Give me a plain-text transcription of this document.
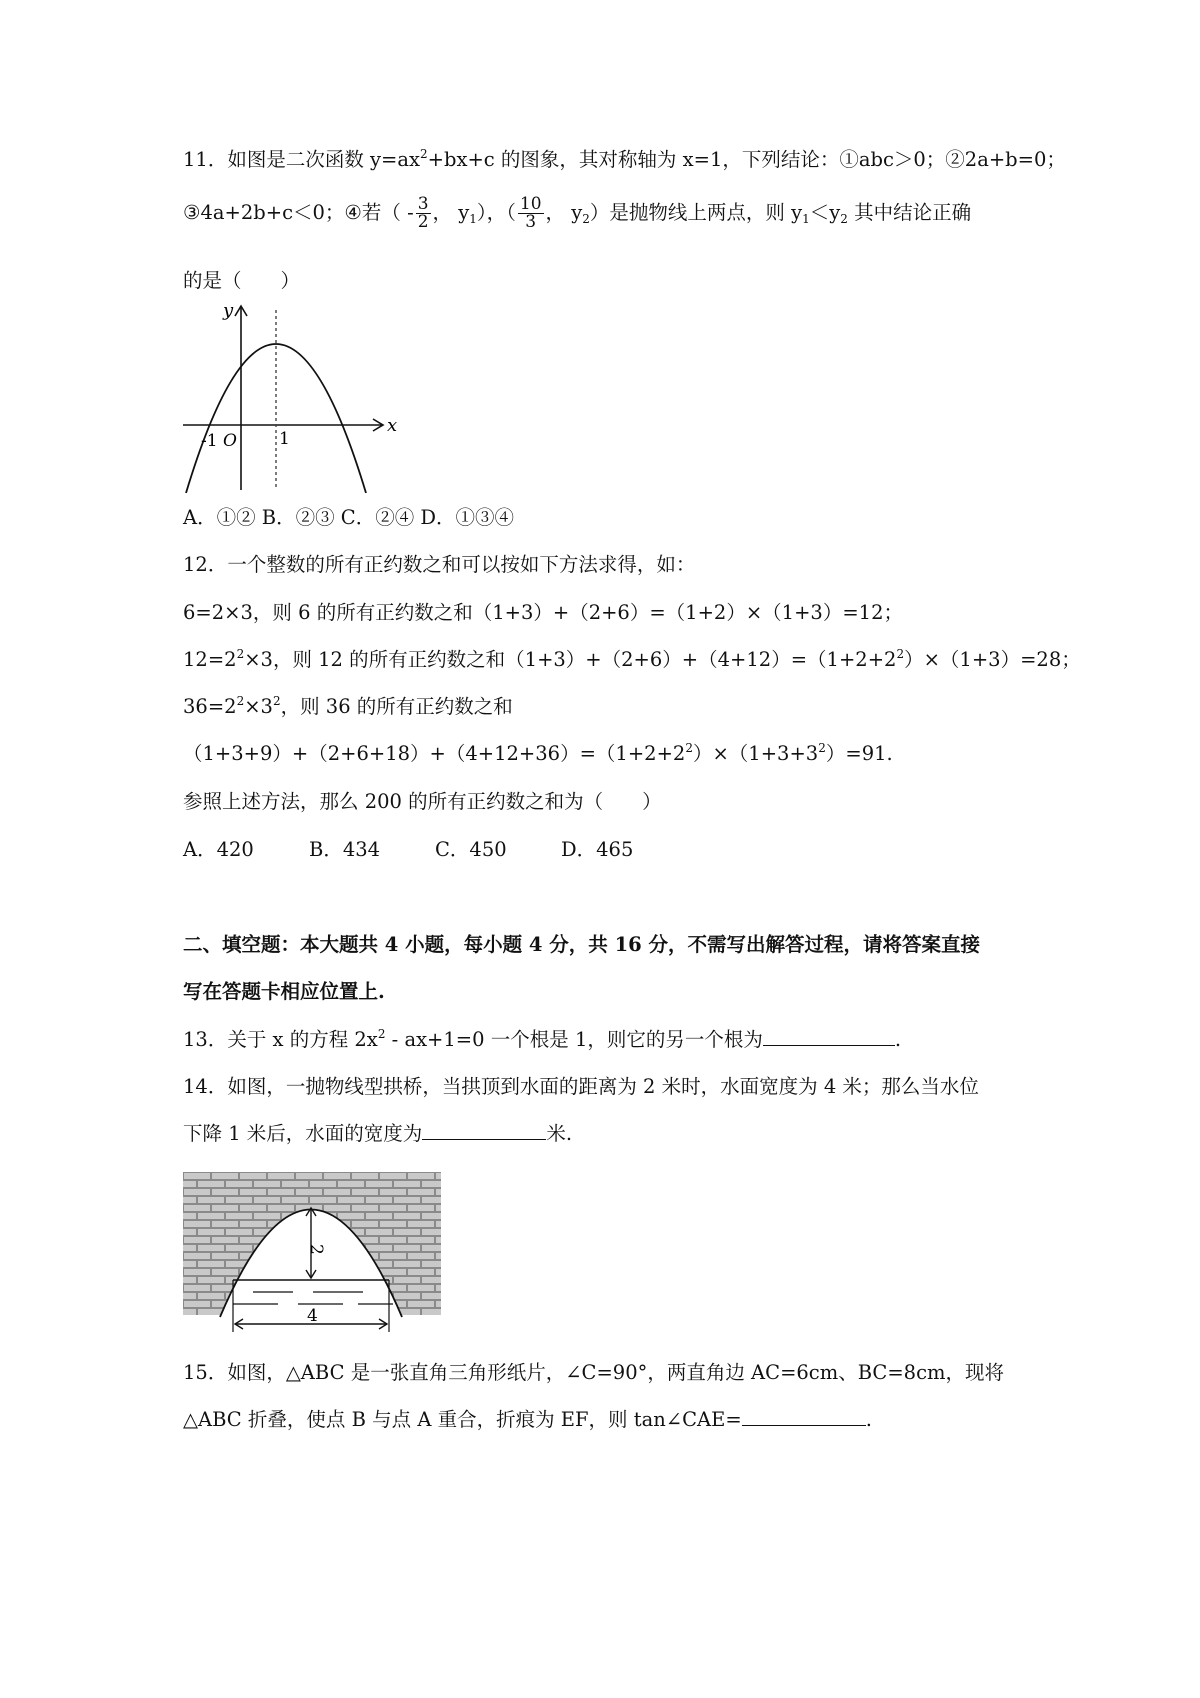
11．如图是二次函数 $y=ax^2+bx+c$ 的图象，其对称轴为 x=1，下列结论：①abc＞0；②2a+b=0；
③4a+2b+c＜0；④若（ - $\frac{3}{2}$ ， $y_1$），（ $\frac{10}{3}$ ， $y_2$）是抛物线上两点，则 $y_1<y_2$ 其中结论正确
的是（　　）
y
x
-1 O 1
A．①② B．②③ C．②④ D．①③④
12．一个整数的所有正约数之和可以按如下方法求得，如：
6=2×3，则 6 的所有正约数之和（1+3）+（2+6）=（1+2）×（1+3）=12；
$12=2^2\times 3$，则 12 的所有正约数之和$(1+3)+(2+6)+(4+12)=(1+2+2^2)\times(1+3)=28$；
$36=2^2\times 3^2$，则 36 的所有正约数之和
$(1+3+9)+(2+6+18)+(4+12+36)=(1+2+2^2)\times(1+3+3^2)=91$.
参照上述方法，那么 200 的所有正约数之和为（　　）
A．420	B．434	C．450	D．465
二、填空题：本大题共 4 小题，每小题 4 分，共 16 分，不需写出解答过程，请将答案直接
写在答题卡相应位置上.
13．关于 x 的方程 $2x^2 - ax+1=0$ 一个根是 1，则它的另一个根为	.
14．如图，一抛物线型拱桥，当拱顶到水面的距离为 2 米时，水面宽度为 4 米；那么当水位
下降 1 米后，水面的宽度为	米.
2
4
15．如图，△ABC 是一张直角三角形纸片，∠C=90°，两直角边 AC=6cm、BC=8cm，现将
△ABC 折叠，使点 B 与点 A 重合，折痕为 EF，则 tan∠CAE=	.
